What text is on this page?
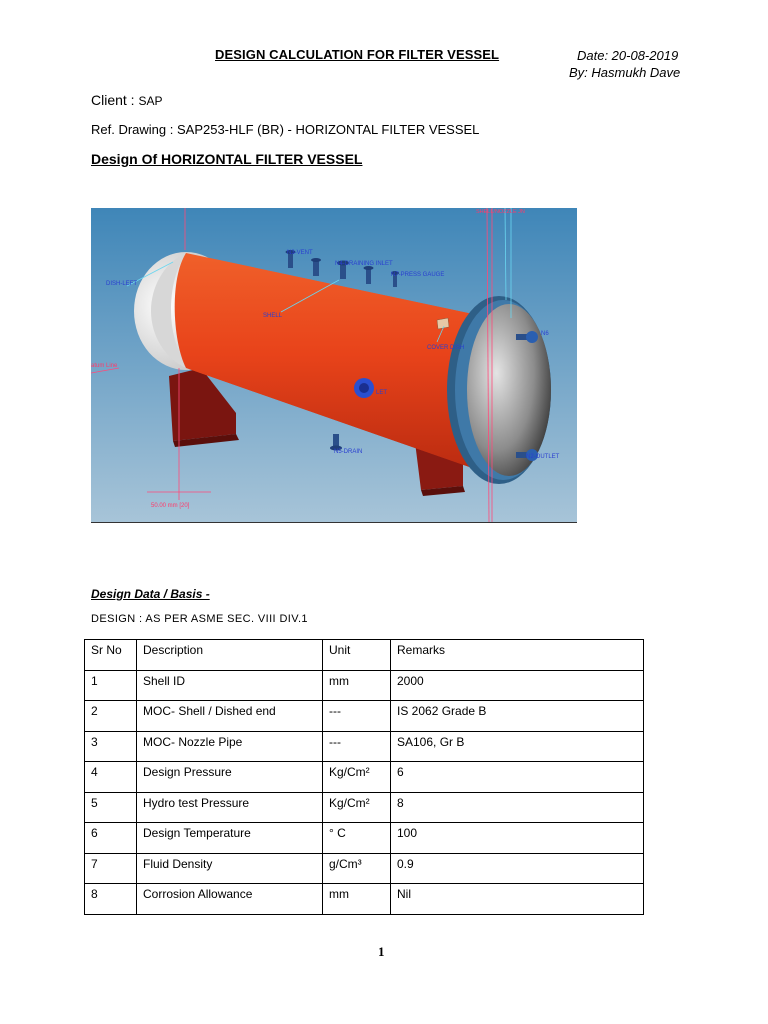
DESIGN CALCULATION FOR FILTER VESSEL	Date: 20-08-2019
By: Hasmukh Dave
Client : SAP
Ref. Drawing : SAP253-HLF (BR) - HORIZONTAL FILTER VESSEL
Design Of HORIZONTAL FILTER VESSEL
SHELL/NOZZLE JN
N3-VENT
N4-DRAINING INLET
N7-PRESS GAUGE
DISH-LEFT
SHELL
COVER DISH
atum Line
LET
N5-DRAIN
N2-OUTLET
N6
50.00 mm [20]
Design Data / Basis -
DESIGN : AS PER ASME SEC. VIII DIV.1
Sr No	Description	Unit	Remarks
1	Shell ID	mm	2000
2	MOC- Shell / Dished end	---	IS 2062 Grade B
3	MOC- Nozzle Pipe	---	SA106, Gr B
4	Design Pressure	Kg/Cm²	6
5	Hydro test Pressure	Kg/Cm²	8
6	Design Temperature	° C	100
7	Fluid Density	g/Cm³	0.9
8	Corrosion Allowance	mm	Nil
1
